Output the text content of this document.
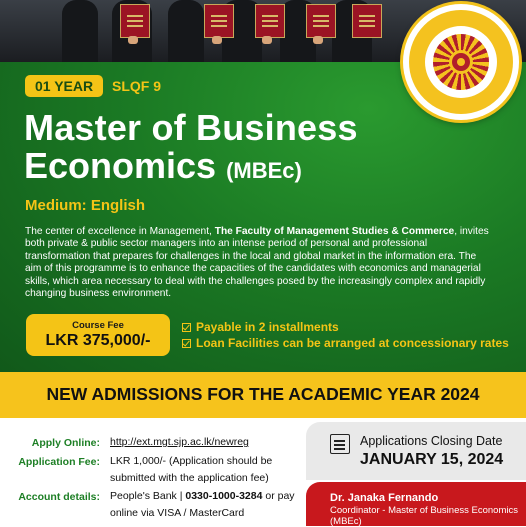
01 YEAR	SLQF 9
Master of Business
Economics (MBEc)
Medium: English
The center of excellence in Management, The Faculty of Management Studies & Commerce, invites both private & public sector managers into an intense period of personal and professional transformation that prepares for challenges in the local and global market in the information era. The aim of this programme is to enhance the capacities of the candidates with economics and managerial skills, which area necessary to deal with the challenges posed by the increasingly complex and rapidly changing business environment.
Course Fee
LKR 375,000/-
Payable in 2 installments
Loan Facilities can be arranged at concessionary rates
NEW ADMISSIONS FOR THE ACADEMIC YEAR 2024
Apply Online: http://ext.mgt.sjp.ac.lk/newreg
Application Fee: LKR 1,000/- (Application should be submitted with the application fee)
Account details: People's Bank | 0330-1000-3284 or pay online via VISA / MasterCard
Applications Closing Date
JANUARY 15, 2024
Dr. Janaka Fernando
Coordinator - Master of Business Economics (MBEc)
